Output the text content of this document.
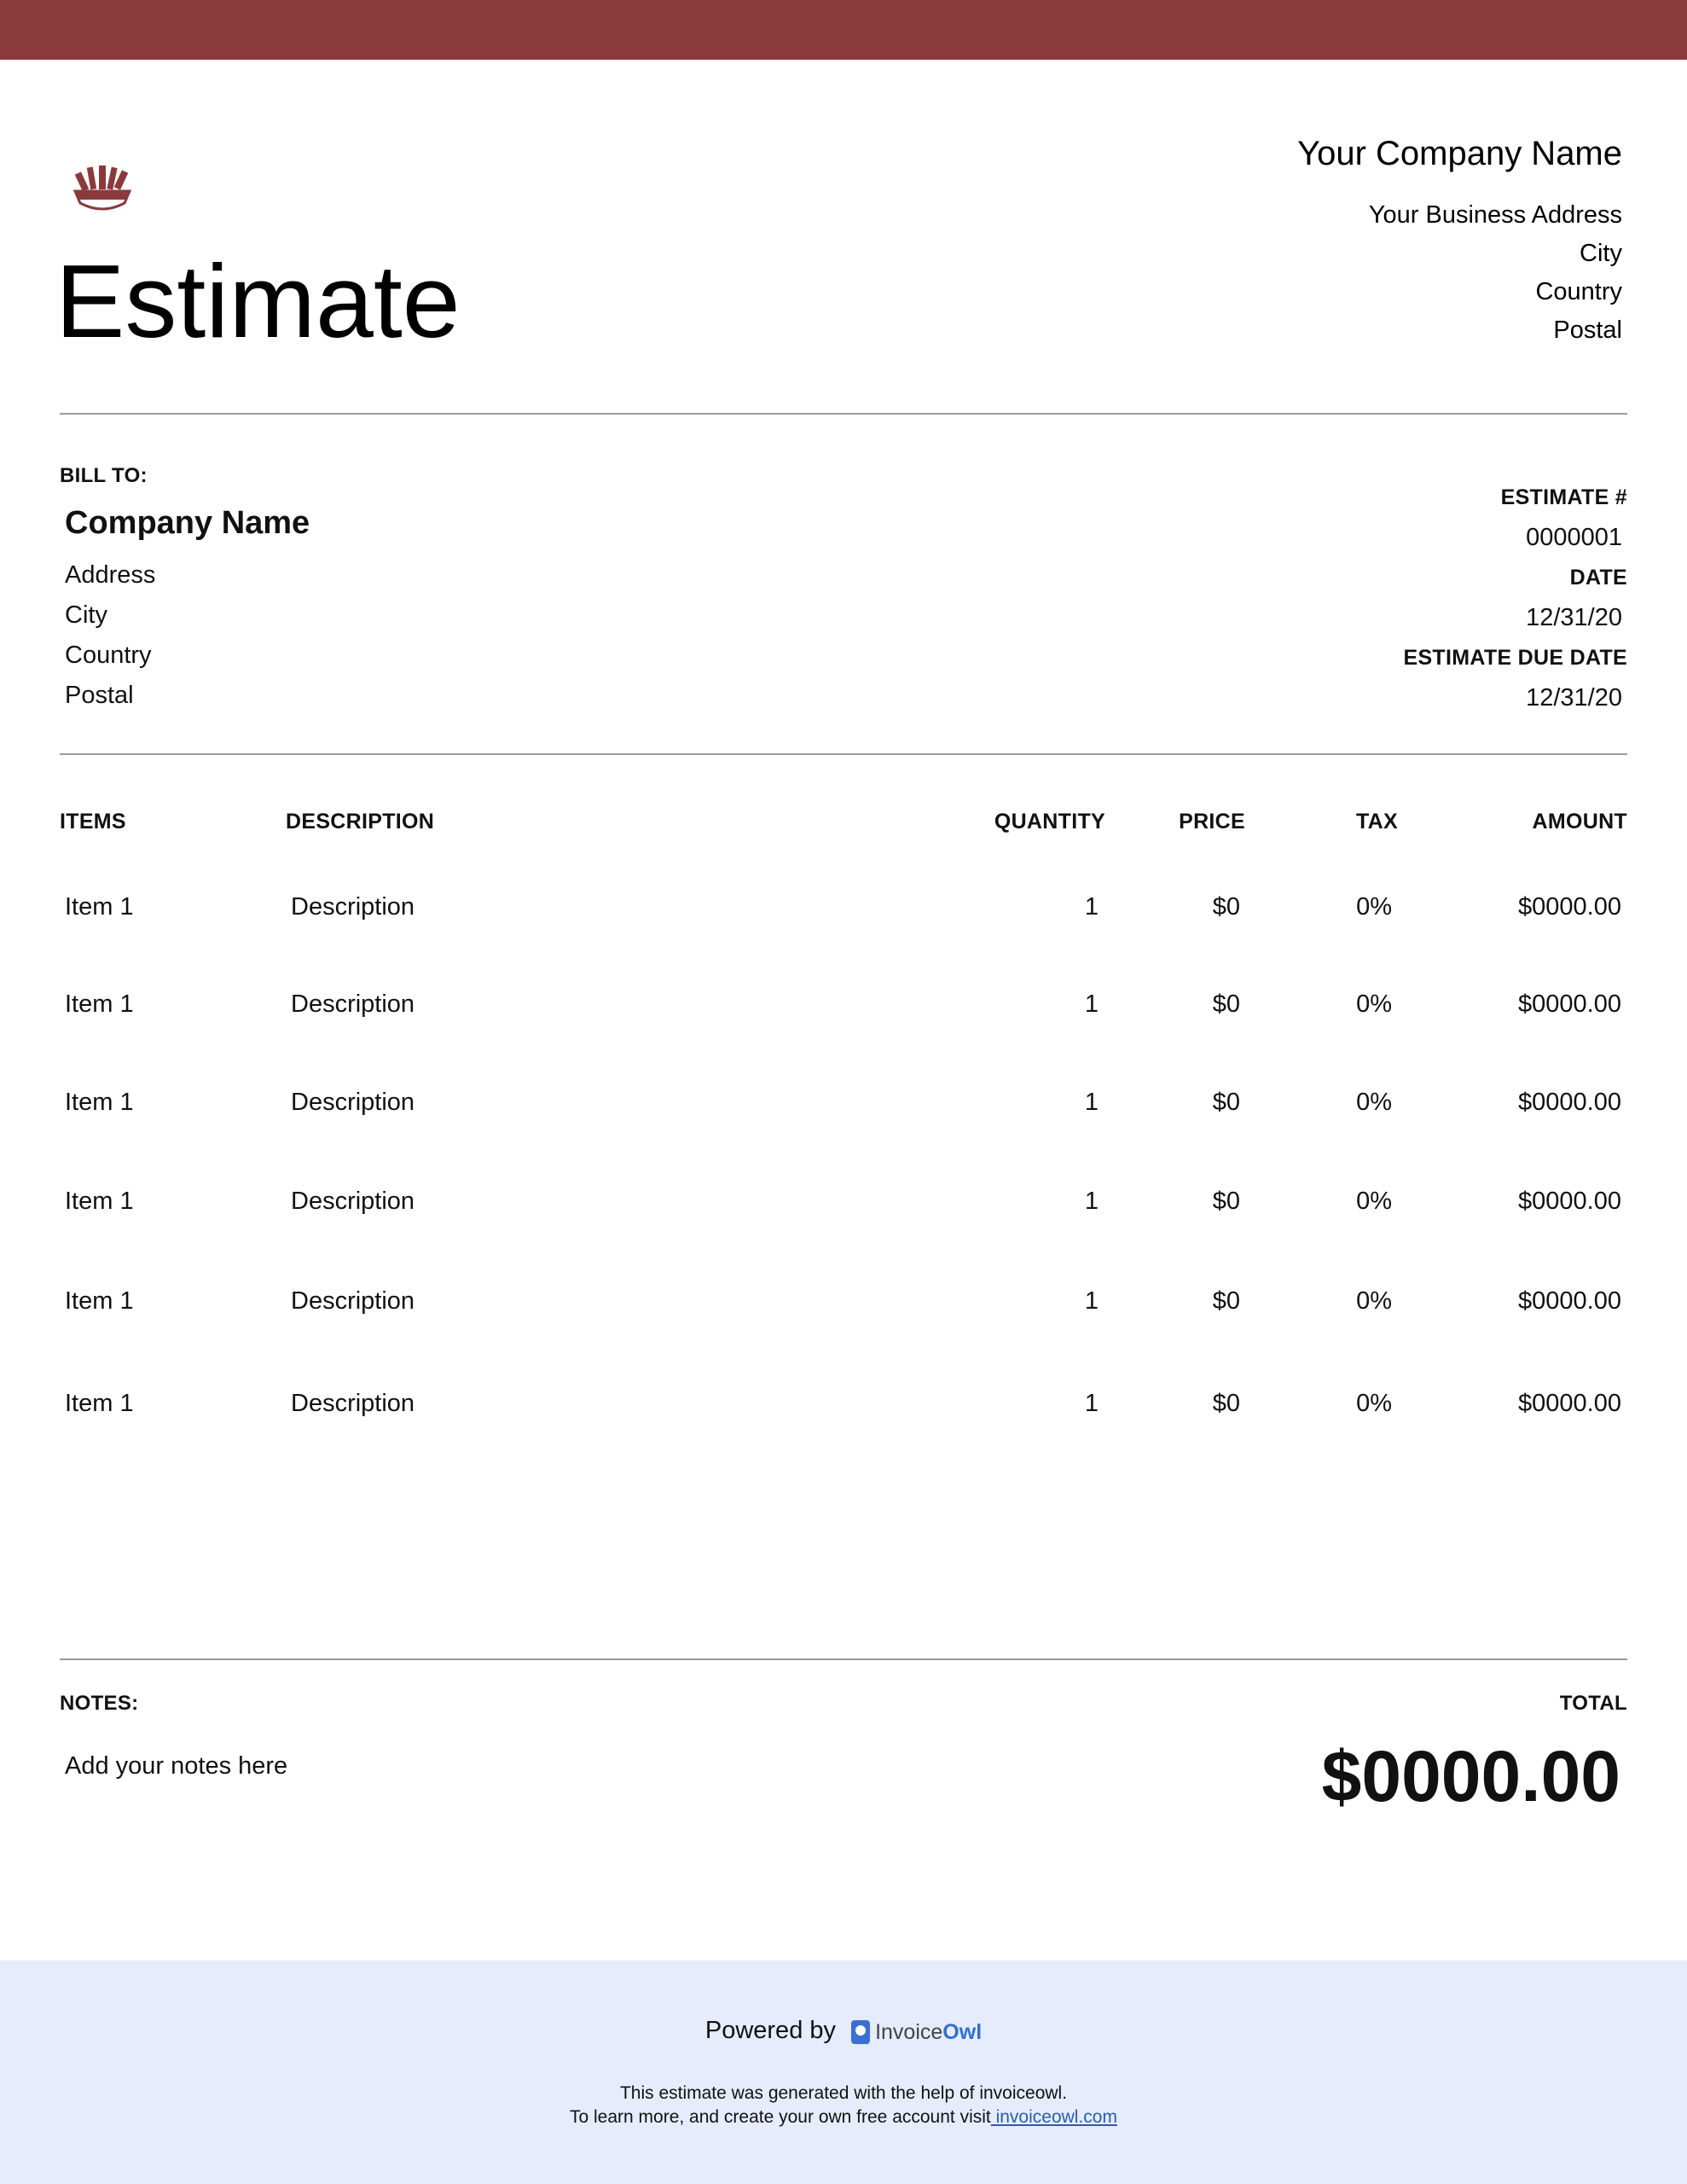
Estimate
Your Company Name
Your Business Address
City
Country
Postal
BILL TO:
Company Name
Address
City
Country
Postal
ESTIMATE #
0000001
DATE
12/31/20
ESTIMATE DUE DATE
12/31/20
ITEMS	DESCRIPTION	QUANTITY	PRICE	TAX	AMOUNT
Item 1	Description	1	$0	0%	$0000.00
Item 1	Description	1	$0	0%	$0000.00
Item 1	Description	1	$0	0%	$0000.00
Item 1	Description	1	$0	0%	$0000.00
Item 1	Description	1	$0	0%	$0000.00
Item 1	Description	1	$0	0%	$0000.00
NOTES:
Add your notes here
TOTAL
$0000.00
Powered by InvoiceOwl
This estimate was generated with the help of invoiceowl.
To learn more, and create your own free account visit invoiceowl.com
